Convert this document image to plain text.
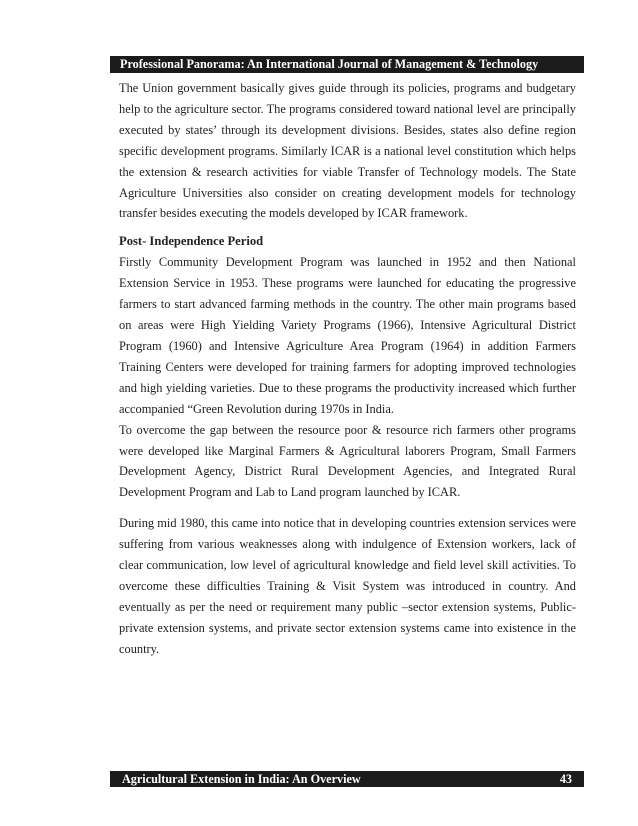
Professional Panorama: An International Journal of Management & Technology

The Union government basically gives guide through its policies, programs and budgetary help to the agriculture sector. The programs considered toward national level are principally executed by states’ through its development divisions. Besides, states also define region specific development programs. Similarly ICAR is a national level constitution which helps the extension & research activities for viable Transfer of Technology models. The State Agriculture Universities also consider on creating development models for technology transfer besides executing the models developed by ICAR framework.

Post- Independence Period

Firstly Community Development Program was launched in 1952 and then National Extension Service in 1953. These programs were launched for educating the progressive farmers to start advanced farming methods in the country. The other main programs based on areas were High Yielding Variety Programs (1966), Intensive Agricultural District Program (1960) and Intensive Agriculture Area Program (1964) in addition Farmers Training Centers were developed for training farmers for adopting improved technologies and high yielding varieties. Due to these programs the productivity increased which further accompanied “Green Revolution during 1970s in India.

To overcome the gap between the resource poor & resource rich farmers other programs were developed like Marginal Farmers & Agricultural laborers Program, Small Farmers Development Agency, District Rural Development Agencies, and Integrated Rural Development Program and Lab to Land program launched by ICAR.

During mid 1980, this came into notice that in developing countries extension services were suffering from various weaknesses along with indulgence of Extension workers, lack of clear communication, low level of agricultural knowledge and field level skill activities. To overcome these difficulties Training & Visit System was introduced in country. And eventually as per the need or requirement many public –sector extension systems, Public-private extension systems, and private sector extension systems came into existence in the country.

Agricultural Extension in India: An Overview	43
